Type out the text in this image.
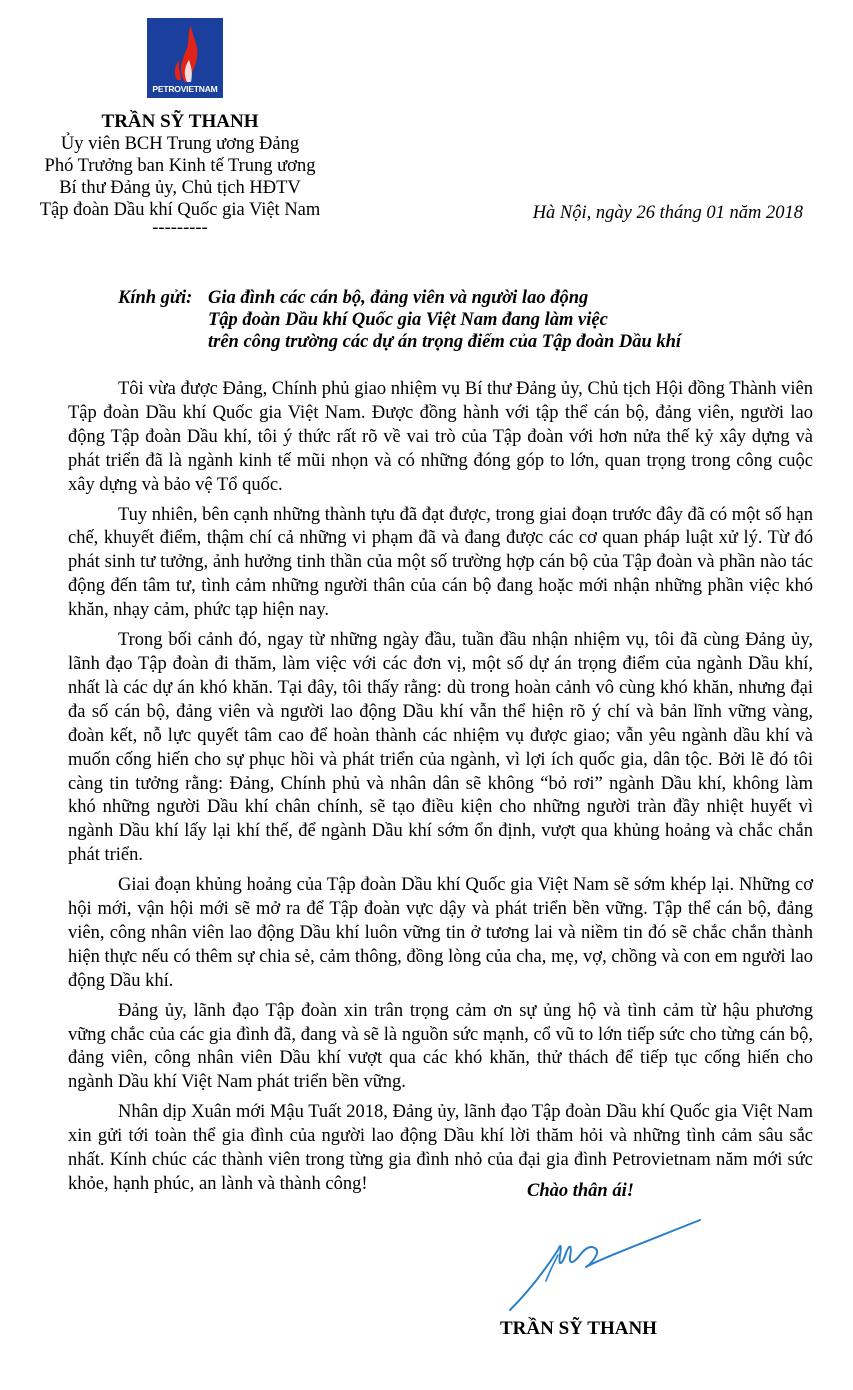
PETROVIETNAM
TRẦN SỸ THANH
Ủy viên BCH Trung ương Đảng
Phó Trưởng ban Kinh tế Trung ương
Bí thư Đảng ủy, Chủ tịch HĐTV
Tập đoàn Dầu khí Quốc gia Việt Nam
---------
Hà Nội, ngày 26 tháng 01 năm 2018
Kính gửi: Gia đình các cán bộ, đảng viên và người lao động
Tập đoàn Dầu khí Quốc gia Việt Nam đang làm việc
trên công trường các dự án trọng điểm của Tập đoàn Dầu khí

Tôi vừa được Đảng, Chính phủ giao nhiệm vụ Bí thư Đảng ủy, Chủ tịch Hội đồng Thành viên Tập đoàn Dầu khí Quốc gia Việt Nam. Được đồng hành với tập thể cán bộ, đảng viên, người lao động Tập đoàn Dầu khí, tôi ý thức rất rõ về vai trò của Tập đoàn với hơn nửa thế kỷ xây dựng và phát triển đã là ngành kinh tế mũi nhọn và có những đóng góp to lớn, quan trọng trong công cuộc xây dựng và bảo vệ Tổ quốc.

Tuy nhiên, bên cạnh những thành tựu đã đạt được, trong giai đoạn trước đây đã có một số hạn chế, khuyết điểm, thậm chí cả những vi phạm đã và đang được các cơ quan pháp luật xử lý. Từ đó phát sinh tư tưởng, ảnh hưởng tinh thần của một số trường hợp cán bộ của Tập đoàn và phần nào tác động đến tâm tư, tình cảm những người thân của cán bộ đang hoặc mới nhận những phần việc khó khăn, nhạy cảm, phức tạp hiện nay.

Trong bối cảnh đó, ngay từ những ngày đầu, tuần đầu nhận nhiệm vụ, tôi đã cùng Đảng ủy, lãnh đạo Tập đoàn đi thăm, làm việc với các đơn vị, một số dự án trọng điểm của ngành Dầu khí, nhất là các dự án khó khăn. Tại đây, tôi thấy rằng: dù trong hoàn cảnh vô cùng khó khăn, nhưng đại đa số cán bộ, đảng viên và người lao động Dầu khí vẫn thể hiện rõ ý chí và bản lĩnh vững vàng, đoàn kết, nỗ lực quyết tâm cao để hoàn thành các nhiệm vụ được giao; vẫn yêu ngành dầu khí và muốn cống hiến cho sự phục hồi và phát triển của ngành, vì lợi ích quốc gia, dân tộc. Bởi lẽ đó tôi càng tin tưởng rằng: Đảng, Chính phủ và nhân dân sẽ không “bỏ rơi” ngành Dầu khí, không làm khó những người Dầu khí chân chính, sẽ tạo điều kiện cho những người tràn đầy nhiệt huyết vì ngành Dầu khí lấy lại khí thế, để ngành Dầu khí sớm ổn định, vượt qua khủng hoảng và chắc chắn phát triển.

Giai đoạn khủng hoảng của Tập đoàn Dầu khí Quốc gia Việt Nam sẽ sớm khép lại. Những cơ hội mới, vận hội mới sẽ mở ra để Tập đoàn vực dậy và phát triển bền vững. Tập thể cán bộ, đảng viên, công nhân viên lao động Dầu khí luôn vững tin ở tương lai và niềm tin đó sẽ chắc chắn thành hiện thực nếu có thêm sự chia sẻ, cảm thông, đồng lòng của cha, mẹ, vợ, chồng và con em người lao động Dầu khí.

Đảng ủy, lãnh đạo Tập đoàn xin trân trọng cảm ơn sự ủng hộ và tình cảm từ hậu phương vững chắc của các gia đình đã, đang và sẽ là nguồn sức mạnh, cổ vũ to lớn tiếp sức cho từng cán bộ, đảng viên, công nhân viên Dầu khí vượt qua các khó khăn, thử thách để tiếp tục cống hiến cho ngành Dầu khí Việt Nam phát triển bền vững.

Nhân dịp Xuân mới Mậu Tuất 2018, Đảng ủy, lãnh đạo Tập đoàn Dầu khí Quốc gia Việt Nam xin gửi tới toàn thể gia đình của người lao động Dầu khí lời thăm hỏi và những tình cảm sâu sắc nhất. Kính chúc các thành viên trong từng gia đình nhỏ của đại gia đình Petrovietnam năm mới sức khỏe, hạnh phúc, an lành và thành công!	Chào thân ái!
TRẦN SỸ THANH
